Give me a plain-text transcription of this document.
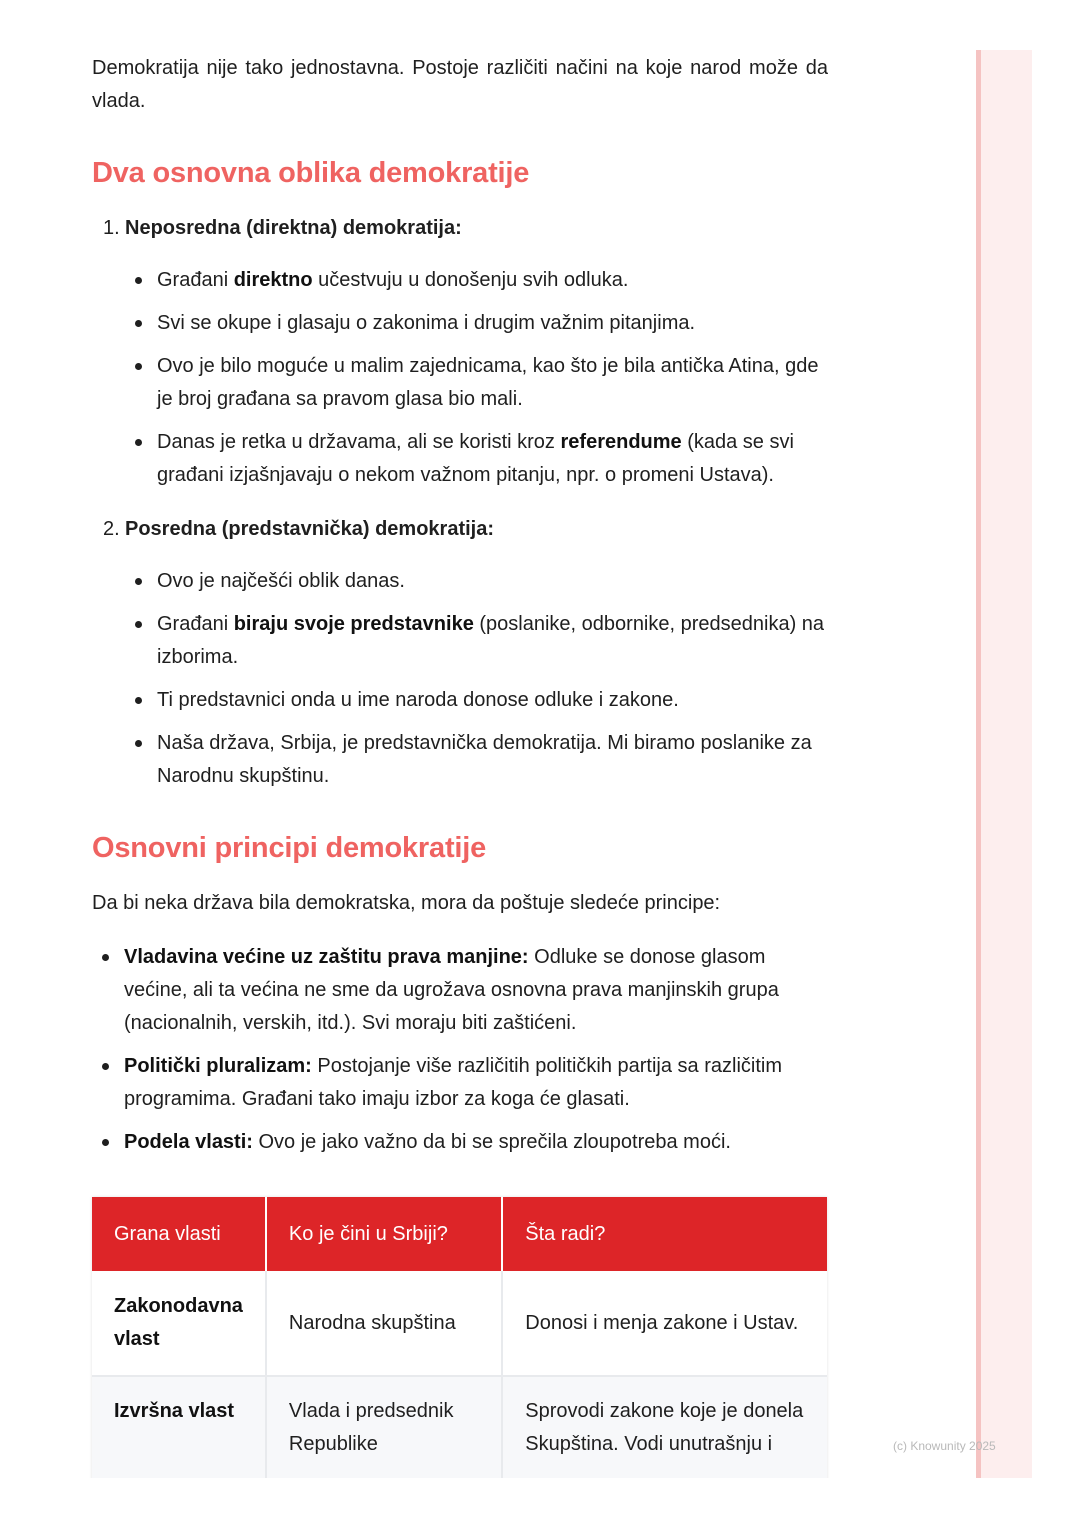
Demokratija nije tako jednostavna. Postoje različiti načini na koje narod može da vlada.

Dva osnovna oblika demokratije
1. Neposredna (direktna) demokratija:
Građani direktno učestvuju u donošenju svih odluka.
Svi se okupe i glasaju o zakonima i drugim važnim pitanjima.
Ovo je bilo moguće u malim zajednicama, kao što je bila antička Atina, gde je broj građana sa pravom glasa bio mali.
Danas je retka u državama, ali se koristi kroz referendume (kada se svi građani izjašnjavaju o nekom važnom pitanju, npr. o promeni Ustava).
2. Posredna (predstavnička) demokratija:
Ovo je najčešći oblik danas.
Građani biraju svoje predstavnike (poslanike, odbornike, predsednika) na izborima.
Ti predstavnici onda u ime naroda donose odluke i zakone.
Naša država, Srbija, je predstavnička demokratija. Mi biramo poslanike za Narodnu skupštinu.
Osnovni principi demokratije

Da bi neka država bila demokratska, mora da poštuje sledeće principe:

Vladavina većine uz zaštitu prava manjine: Odluke se donose glasom većine, ali ta većina ne sme da ugrožava osnovna prava manjinskih grupa (nacionalnih, verskih, itd.). Svi moraju biti zaštićeni.
Politički pluralizam: Postojanje više različitih političkih partija sa različitim programima. Građani tako imaju izbor za koga će glasati.
Podela vlasti: Ovo je jako važno da bi se sprečila zloupotreba moći.
Grana vlasti	Ko je čini u Srbiji?	Šta radi?
Zakonodavna vlast	Narodna skupština	Donosi i menja zakone i Ustav.
Izvršna vlast	Vlada i predsednik Republike	Sprovodi zakone koje je donela Skupština. Vodi unutrašnju i	(c) Knowunity 2025
